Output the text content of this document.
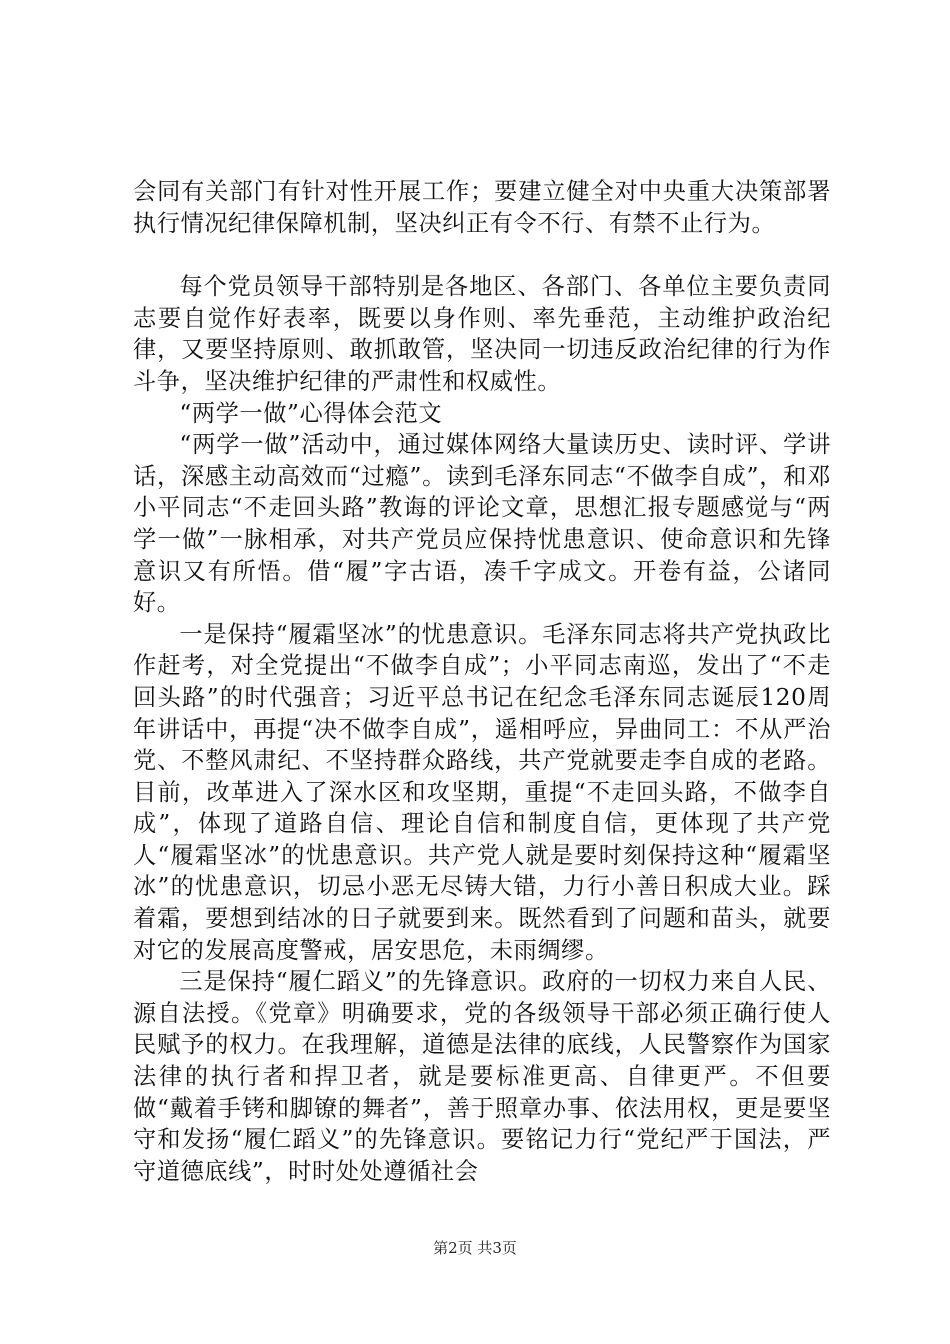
会同有关部门有针对性开展工作；要建立健全对中央重大决策部署执行情况纪律保障机制，坚决纠正有令不行、有禁不止行为。

每个党员领导干部特别是各地区、各部门、各单位主要负责同志要自觉作好表率，既要以身作则、率先垂范，主动维护政治纪律，又要坚持原则、敢抓敢管，坚决同一切违反政治纪律的行为作斗争，坚决维护纪律的严肃性和权威性。

“两学一做”心得体会范文

“两学一做”活动中，通过媒体网络大量读历史、读时评、学讲话，深感主动高效而“过瘾”。读到毛泽东同志“不做李自成”，和邓小平同志“不走回头路”教诲的评论文章，思想汇报专题感觉与“两学一做”一脉相承，对共产党员应保持忧患意识、使命意识和先锋意识又有所悟。借“履”字古语，凑千字成文。开卷有益，公诸同好。

一是保持“履霜坚冰”的忧患意识。毛泽东同志将共产党执政比作赶考，对全党提出“不做李自成”；小平同志南巡，发出了“不走回头路”的时代强音；习近平总书记在纪念毛泽东同志诞辰120周年讲话中，再提“决不做李自成”，遥相呼应，异曲同工：不从严治党、不整风肃纪、不坚持群众路线，共产党就要走李自成的老路。目前，改革进入了深水区和攻坚期，重提“不走回头路，不做李自成”，体现了道路自信、理论自信和制度自信，更体现了共产党人“履霜坚冰”的忧患意识。共产党人就是要时刻保持这种“履霜坚冰”的忧患意识，切忌小恶无尽铸大错，力行小善日积成大业。踩着霜，要想到结冰的日子就要到来。既然看到了问题和苗头，就要对它的发展高度警戒，居安思危，未雨绸缪。

三是保持“履仁蹈义”的先锋意识。政府的一切权力来自人民、源自法授。《党章》明确要求，党的各级领导干部必须正确行使人民赋予的权力。在我理解，道德是法律的底线，人民警察作为国家法律的执行者和捍卫者，就是要标准更高、自律更严。不但要做“戴着手铐和脚镣的舞者”，善于照章办事、依法用权，更是要坚守和发扬“履仁蹈义”的先锋意识。要铭记力行“党纪严于国法，严守道德底线”，时时处处遵循社会

第2页 共3页
